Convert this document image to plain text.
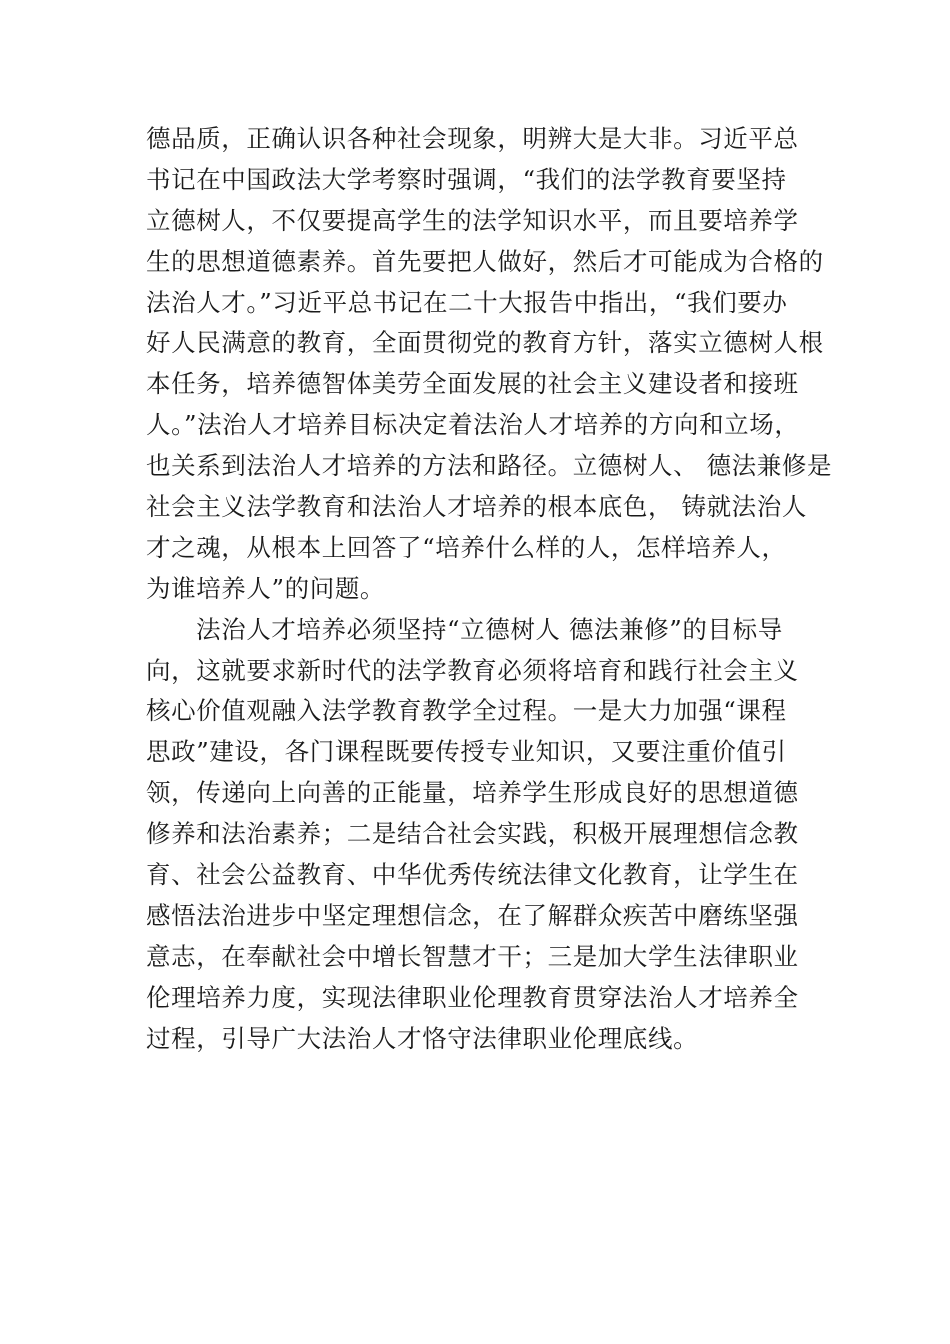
德品质，正确认识各种社会现象，明辨大是大非。习近平总
书记在中国政法大学考察时强调，“我们的法学教育要坚持
立德树人，不仅要提高学生的法学知识水平，而且要培养学
生的思想道德素养。首先要把人做好，然后才可能成为合格的
法治人才。”习近平总书记在二十大报告中指出，“我们要办
好人民满意的教育，全面贯彻党的教育方针，落实立德树人根
本任务，培养德智体美劳全面发展的社会主义建设者和接班
人。”法治人才培养目标决定着法治人才培养的方向和立场，
也关系到法治人才培养的方法和路径。立德树人、 德法兼修是
社会主义法学教育和法治人才培养的根本底色， 铸就法治人
才之魂，从根本上回答了“培养什么样的人，怎样培养人，
为谁培养人”的问题。
法治人才培养必须坚持“立德树人 德法兼修”的目标导
向，这就要求新时代的法学教育必须将培育和践行社会主义
核心价值观融入法学教育教学全过程。一是大力加强“课程
思政”建设，各门课程既要传授专业知识，又要注重价值引
领，传递向上向善的正能量，培养学生形成良好的思想道德
修养和法治素养；二是结合社会实践，积极开展理想信念教
育、社会公益教育、中华优秀传统法律文化教育，让学生在
感悟法治进步中坚定理想信念，在了解群众疾苦中磨练坚强
意志，在奉献社会中增长智慧才干；三是加大学生法律职业
伦理培养力度，实现法律职业伦理教育贯穿法治人才培养全
过程，引导广大法治人才恪守法律职业伦理底线。
